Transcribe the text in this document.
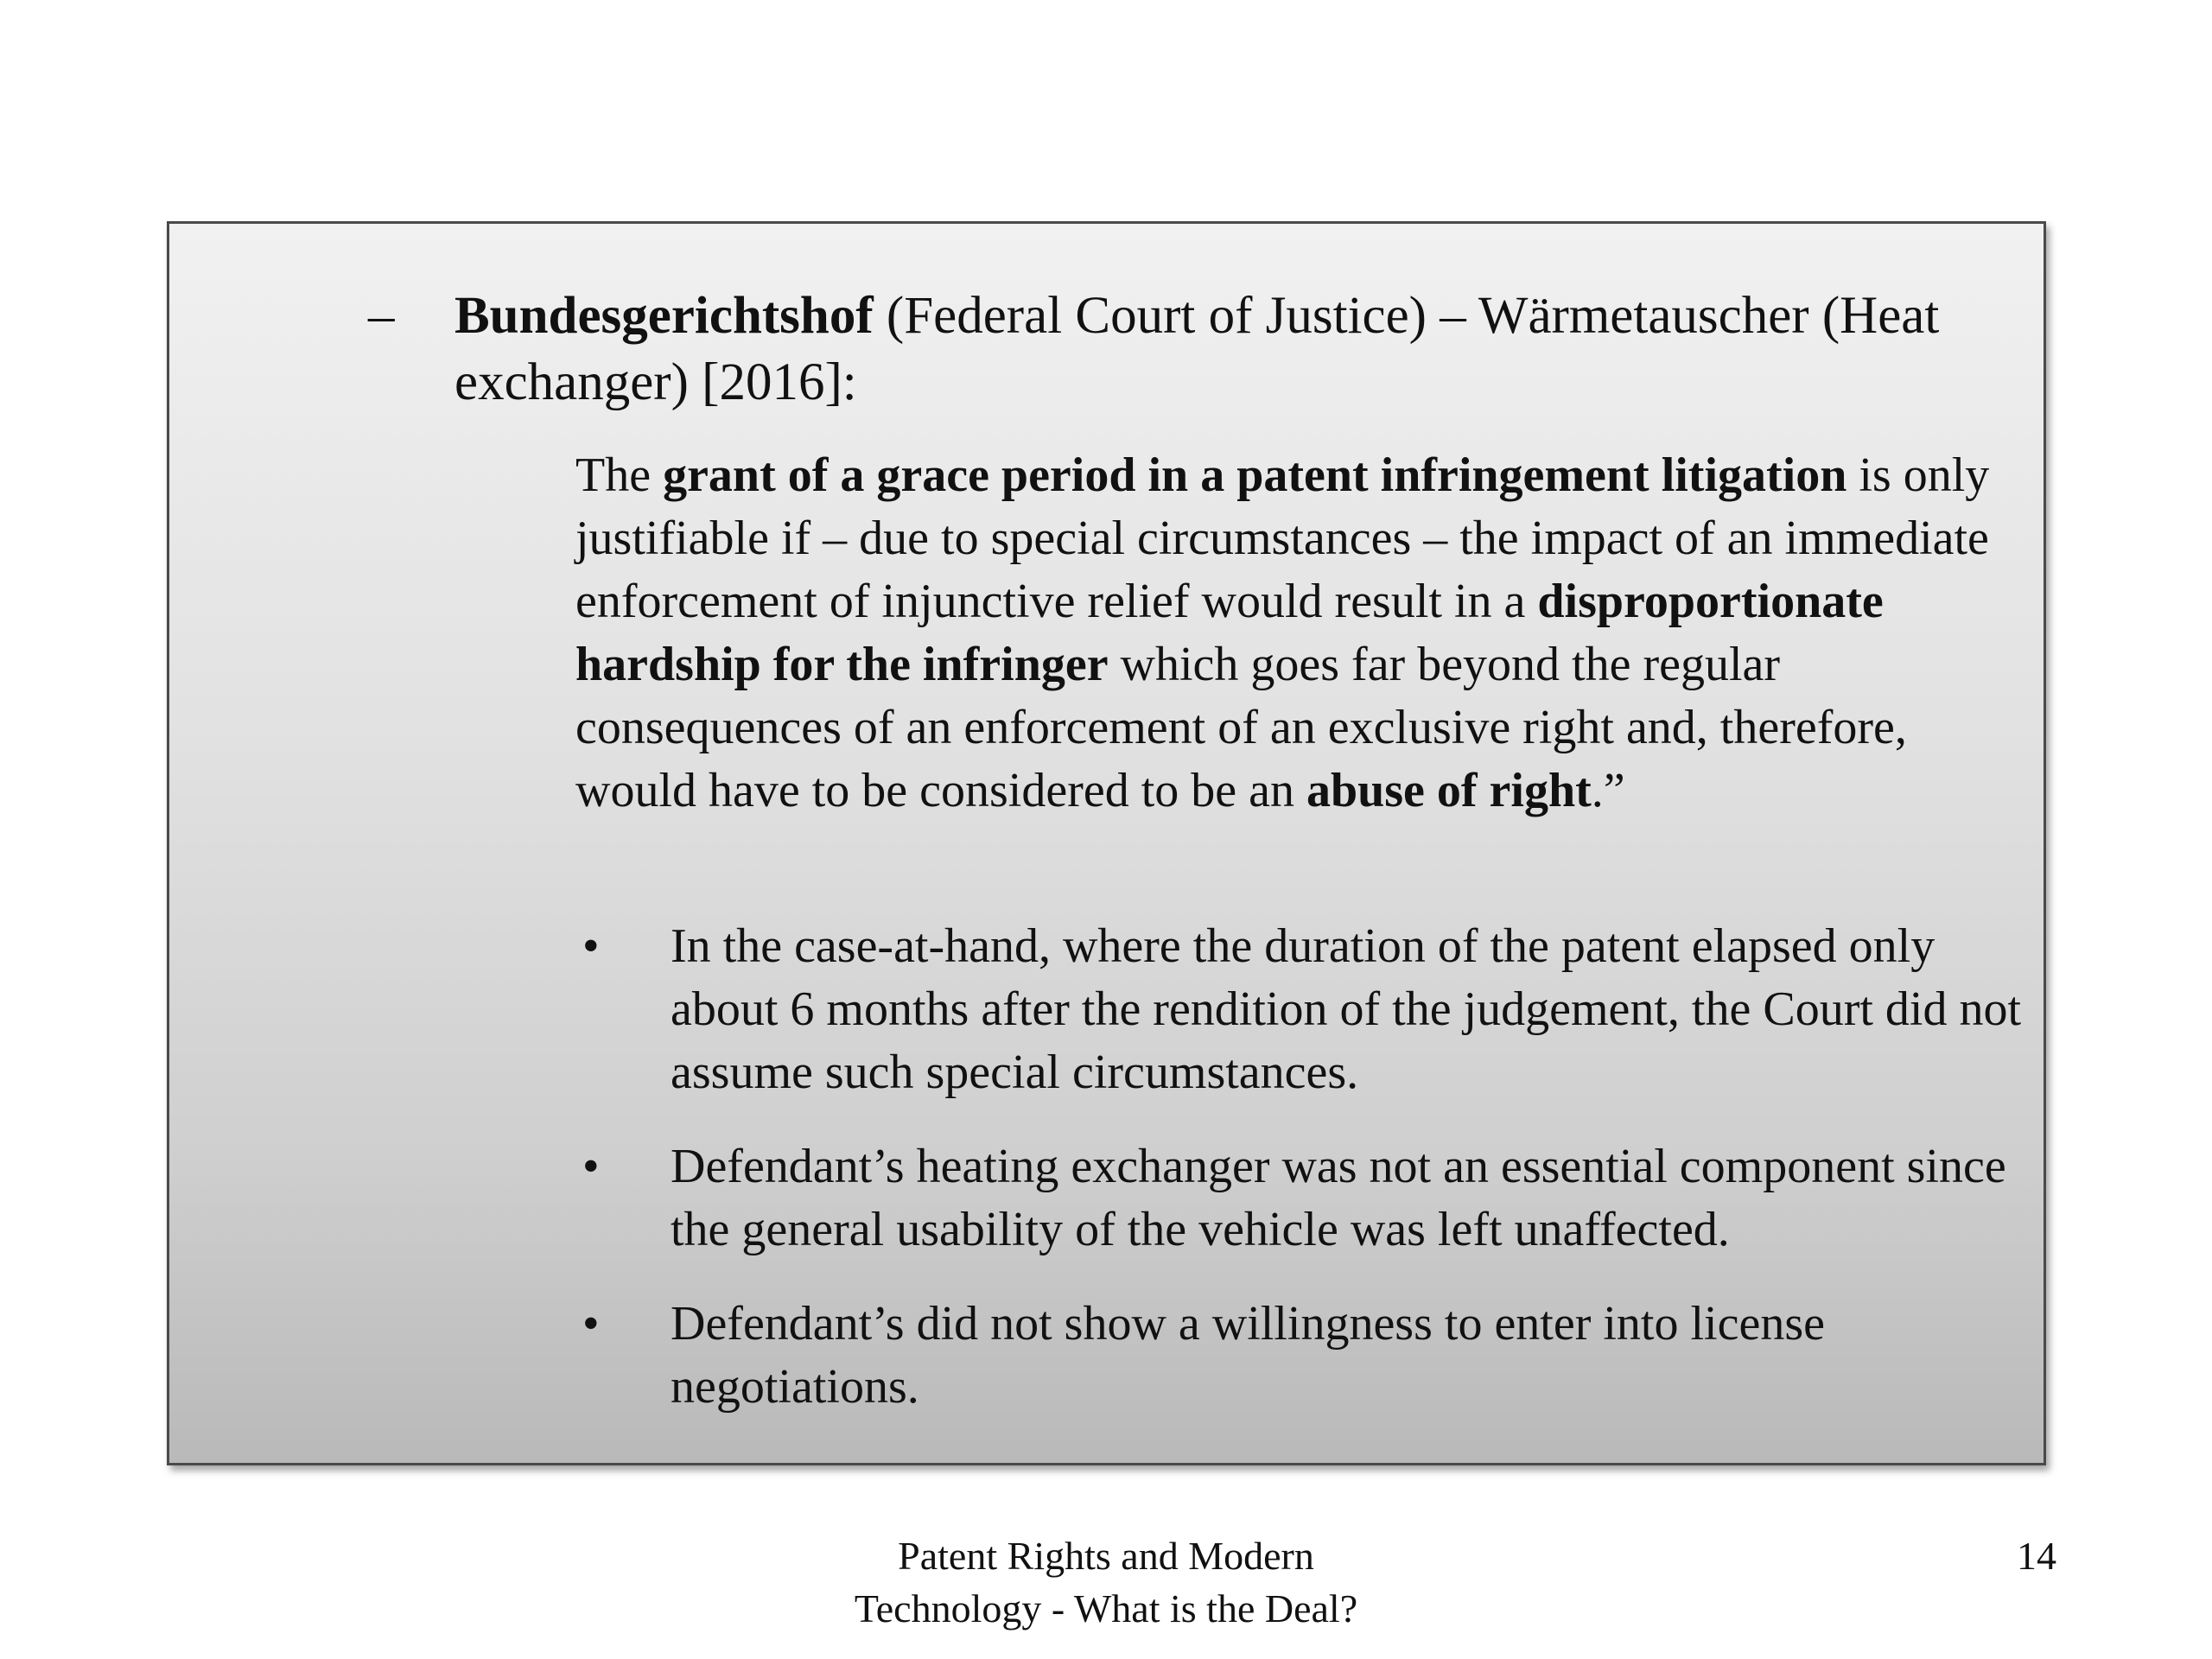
–	Bundesgerichtshof (Federal Court of Justice) – Wärmetauscher (Heat
exchanger) [2016]:
The grant of a grace period in a patent infringement litigation is only justifiable if – due to special circumstances – the impact of an immediate enforcement of injunctive relief would result in a disproportionate hardship for the infringer which goes far beyond the regular consequences of an enforcement of an exclusive right and, therefore, would have to be considered to be an abuse of right.”
• In the case-at-hand, where the duration of the patent elapsed only about 6 months after the rendition of the judgement, the Court did not assume such special circumstances.
• Defendant’s heating exchanger was not an essential component since the general usability of the vehicle was left unaffected.
• Defendant’s did not show a willingness to enter into license negotiations.
Patent Rights and Modern
Technology - What is the Deal?
14
